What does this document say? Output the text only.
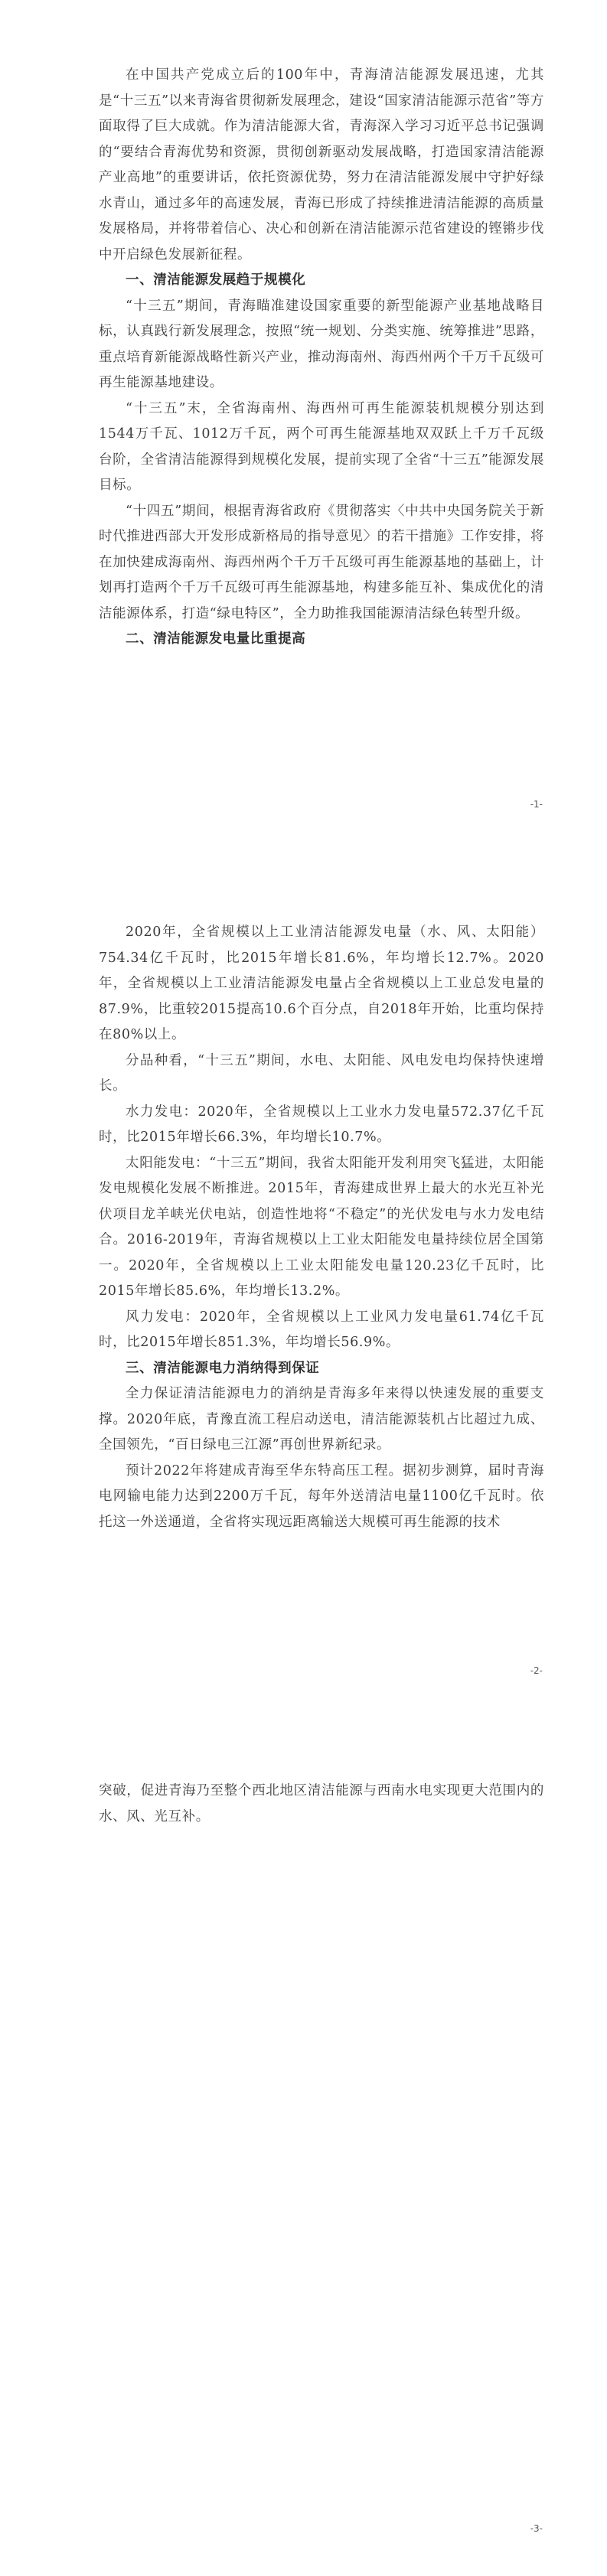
在中国共产党成立后的100年中，青海清洁能源发展迅速，尤其是“十三五”以来青海省贯彻新发展理念，建设“国家清洁能源示范省”等方面取得了巨大成就。作为清洁能源大省，青海深入学习习近平总书记强调的“要结合青海优势和资源，贯彻创新驱动发展战略，打造国家清洁能源产业高地”的重要讲话，依托资源优势，努力在清洁能源发展中守护好绿水青山，通过多年的高速发展，青海已形成了持续推进清洁能源的高质量发展格局，并将带着信心、决心和创新在清洁能源示范省建设的铿锵步伐中开启绿色发展新征程。

一、清洁能源发展趋于规模化

“十三五”期间，青海瞄准建设国家重要的新型能源产业基地战略目标，认真践行新发展理念，按照“统一规划、分类实施、统筹推进”思路，重点培育新能源战略性新兴产业，推动海南州、海西州两个千万千瓦级可再生能源基地建设。

“十三五”末，全省海南州、海西州可再生能源装机规模分别达到1544万千瓦、1012万千瓦，两个可再生能源基地双双跃上千万千瓦级台阶，全省清洁能源得到规模化发展，提前实现了全省“十三五”能源发展目标。

“十四五”期间，根据青海省政府《贯彻落实〈中共中央国务院关于新时代推进西部大开发形成新格局的指导意见〉的若干措施》工作安排，将在加快建成海南州、海西州两个千万千瓦级可再生能源基地的基础上，计划再打造两个千万千瓦级可再生能源基地，构建多能互补、集成优化的清洁能源体系，打造“绿电特区”，全力助推我国能源清洁绿色转型升级。

二、清洁能源发电量比重提高
-1-

2020年，全省规模以上工业清洁能源发电量（水、风、太阳能）754.34亿千瓦时，比2015年增长81.6%，年均增长12.7%。2020年，全省规模以上工业清洁能源发电量占全省规模以上工业总发电量的87.9%，比重较2015提高10.6个百分点，自2018年开始，比重均保持在80%以上。

分品种看，“十三五”期间，水电、太阳能、风电发电均保持快速增长。

水力发电：2020年，全省规模以上工业水力发电量572.37亿千瓦时，比2015年增长66.3%，年均增长10.7%。

太阳能发电：“十三五”期间，我省太阳能开发利用突飞猛进，太阳能发电规模化发展不断推进。2015年，青海建成世界上最大的水光互补光伏项目龙羊峡光伏电站，创造性地将“不稳定”的光伏发电与水力发电结合。2016-2019年，青海省规模以上工业太阳能发电量持续位居全国第一。2020年，全省规模以上工业太阳能发电量120.23亿千瓦时，比2015年增长85.6%，年均增长13.2%。

风力发电：2020年，全省规模以上工业风力发电量61.74亿千瓦时，比2015年增长851.3%，年均增长56.9%。

三、清洁能源电力消纳得到保证

全力保证清洁能源电力的消纳是青海多年来得以快速发展的重要支撑。2020年底，青豫直流工程启动送电，清洁能源装机占比超过九成、全国领先，“百日绿电三江源”再创世界新纪录。

预计2022年将建成青海至华东特高压工程。据初步测算，届时青海电网输电能力达到2200万千瓦，每年外送清洁电量1100亿千瓦时。依托这一外送通道，全省将实现远距离输送大规模可再生能源的技术

-2-

突破，促进青海乃至整个西北地区清洁能源与西南水电实现更大范围内的水、风、光互补。

-3-
